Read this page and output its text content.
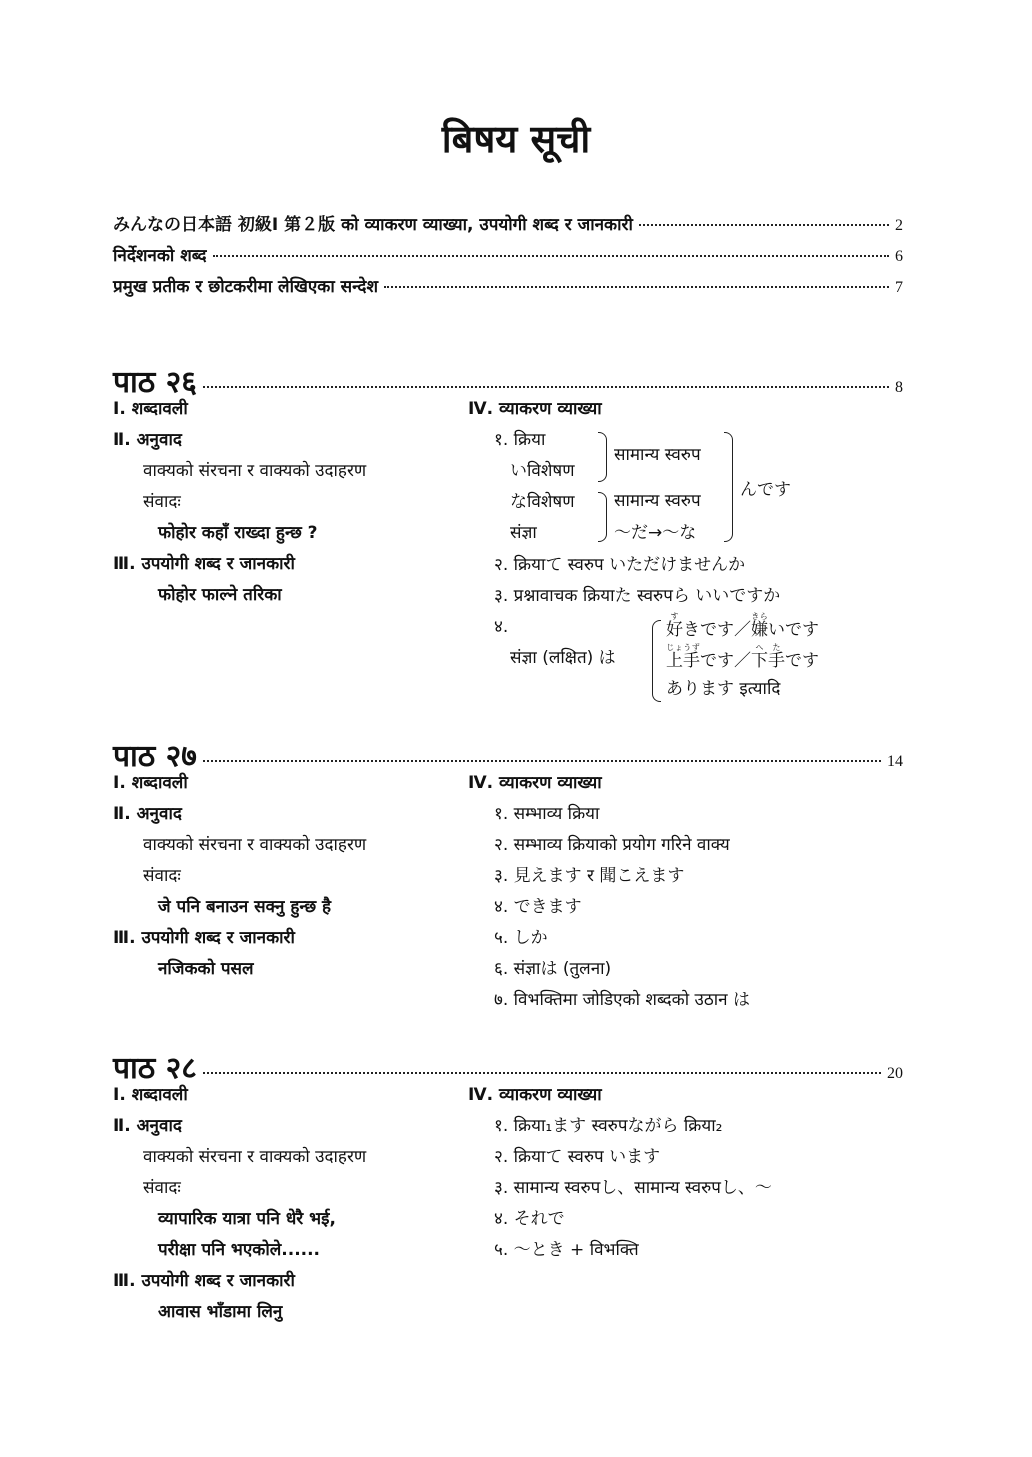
बिषय सूची
みんなの日本語 初級Ⅰ 第２版 को व्याकरण व्याख्या, उपयोगी शब्द र जानकारी	2
निर्देशनको शब्द	6
प्रमुख प्रतीक र छोटकरीमा लेखिएका सन्देश	7
पाठ २६	8
Ⅰ. शब्दावली
Ⅱ. अनुवाद
वाक्यको संरचना र वाक्यको उदाहरण
संवादः
फोहोर कहाँ राख्दा हुन्छ ?
Ⅲ. उपयोगी शब्द र जानकारी
फोहोर फाल्ने तरिका
Ⅳ. व्याकरण व्याख्या
१. क्रिया
いविशेषण
なविशेषण
संज्ञा
सामान्य स्वरुप
सामान्य स्वरुप
～だ→～な
んです
२. क्रियाて स्वरुप いただけませんか
३. प्रश्नावाचक क्रियाた स्वरुपら いいですか
४.
संज्ञा (लक्षित) は
好すきです／嫌きらいです
上手じょうずです／下手へたです
あります इत्यादि
पाठ २७	14
Ⅰ. शब्दावली
Ⅱ. अनुवाद
वाक्यको संरचना र वाक्यको उदाहरण
संवादः
जे पनि बनाउन सक्नु हुन्छ है
Ⅲ. उपयोगी शब्द र जानकारी
नजिकको पसल
Ⅳ. व्याकरण व्याख्या
१. सम्भाव्य क्रिया
२. सम्भाव्य क्रियाको प्रयोग गरिने वाक्य
३. 見えます र 聞こえます
४. できます
५. しか
६. संज्ञाは (तुलना)
७. विभक्तिमा जोडिएको शब्दको उठान は
पाठ २८	20
Ⅰ. शब्दावली
Ⅱ. अनुवाद
वाक्यको संरचना र वाक्यको उदाहरण
संवादः
व्यापारिक यात्रा पनि धेरै भई,
परीक्षा पनि भएकोले......
Ⅲ. उपयोगी शब्द र जानकारी
आवास भाँडामा लिनु
Ⅳ. व्याकरण व्याख्या
१. क्रिया₁ます स्वरुपながら क्रिया₂
२. क्रियाて स्वरुप います
३. सामान्य स्वरुपし、सामान्य स्वरुपし、～
४. それで
५. ～とき + विभक्ति
